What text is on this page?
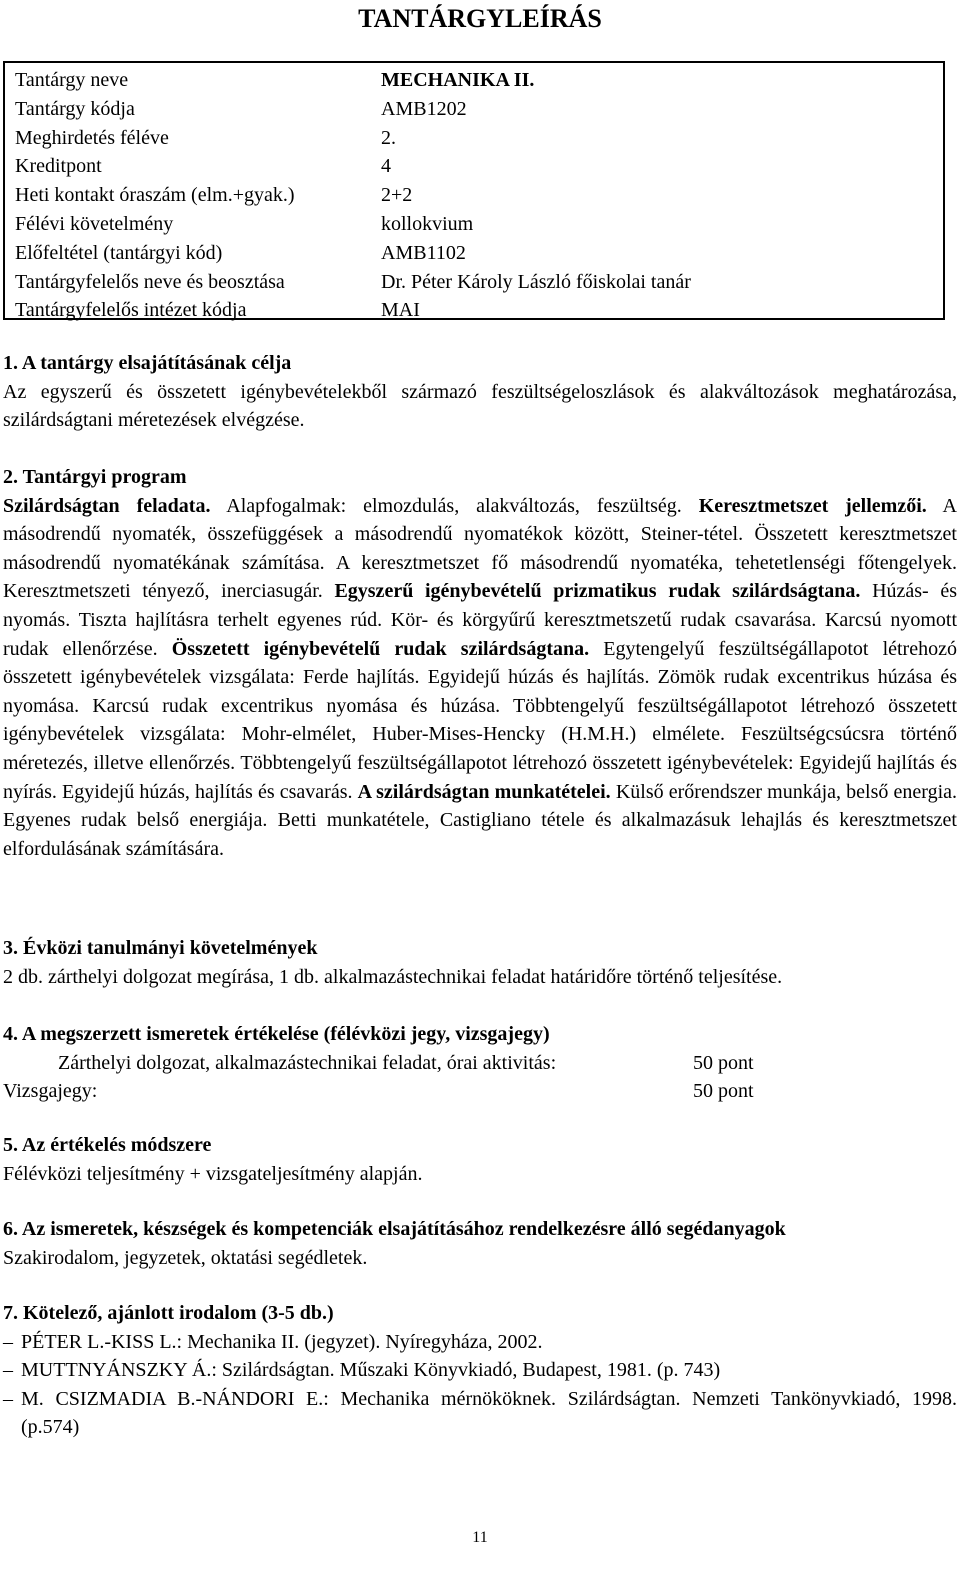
TANTÁRGYLEÍRÁS
Tantárgy neve	MECHANIKA II.
Tantárgy kódja	AMB1202
Meghirdetés féléve	2.
Kreditpont	4
Heti kontakt óraszám (elm.+gyak.)	2+2
Félévi követelmény	kollokvium
Előfeltétel (tantárgyi kód)	AMB1102
Tantárgyfelelős neve és beosztása	Dr. Péter Károly László főiskolai tanár
Tantárgyfelelős intézet kódja	MAI
1. A tantárgy elsajátításának célja

Az egyszerű és összetett igénybevételekből származó feszültségeloszlások és alakváltozások meghatározása, szilárdságtani méretezések elvégzése.

2. Tantárgyi program

Szilárdságtan feladata. Alapfogalmak: elmozdulás, alakváltozás, feszültség. Keresztmetszet jellemzői. A másodrendű nyomaték, összefüggések a másodrendű nyomatékok között, Steiner-tétel. Összetett keresztmetszet másodrendű nyomatékának számítása. A keresztmetszet fő másodrendű nyomatéka, tehetetlenségi főtengelyek. Keresztmetszeti tényező, inerciasugár. Egyszerű igénybevételű prizmatikus rudak szilárdságtana. Húzás- és nyomás. Tiszta hajlításra terhelt egyenes rúd. Kör- és körgyűrű keresztmetszetű rudak csavarása. Karcsú nyomott rudak ellenőrzése. Összetett igénybevételű rudak szilárdságtana. Egytengelyű feszültségállapotot létrehozó összetett igénybevételek vizsgálata: Ferde hajlítás. Egyidejű húzás és hajlítás. Zömök rudak excentrikus húzása és nyomása. Karcsú rudak excentrikus nyomása és húzása. Többtengelyű feszültségállapotot létrehozó összetett igénybevételek vizsgálata: Mohr-elmélet, Huber-Mises-Hencky (H.M.H.) elmélete. Feszültségcsúcsra történő méretezés, illetve ellenőrzés. Többtengelyű feszültségállapotot létrehozó összetett igénybevételek: Egyidejű hajlítás és nyírás. Egyidejű húzás, hajlítás és csavarás. A szilárdságtan munkatételei. Külső erőrendszer munkája, belső energia. Egyenes rudak belső energiája. Betti munkatétele, Castigliano tétele és alkalmazásuk lehajlás és keresztmetszet elfordulásának számítására.

3. Évközi tanulmányi követelmények

2 db. zárthelyi dolgozat megírása, 1 db. alkalmazástechnikai feladat határidőre történő teljesítése.

4. A megszerzett ismeretek értékelése (félévközi jegy, vizsgajegy)
Zárthelyi dolgozat, alkalmazástechnikai feladat, órai aktivitás:	50 pont
Vizsgajegy:	50 pont
5. Az értékelés módszere

Félévközi teljesítmény + vizsgateljesítmény alapján.

6. Az ismeretek, készségek és kompetenciák elsajátításához rendelkezésre álló segédanyagok

Szakirodalom, jegyzetek, oktatási segédletek.

7. Kötelező, ajánlott irodalom (3-5 db.)
– PÉTER L.-KISS L.: Mechanika II. (jegyzet). Nyíregyháza, 2002.
– MUTTNYÁNSZKY Á.: Szilárdságtan. Műszaki Könyvkiadó, Budapest, 1981. (p. 743)
– M. CSIZMADIA B.-NÁNDORI E.: Mechanika mérnököknek. Szilárdságtan. Nemzeti Tankönyvkiadó, 1998. (p.574)
11
